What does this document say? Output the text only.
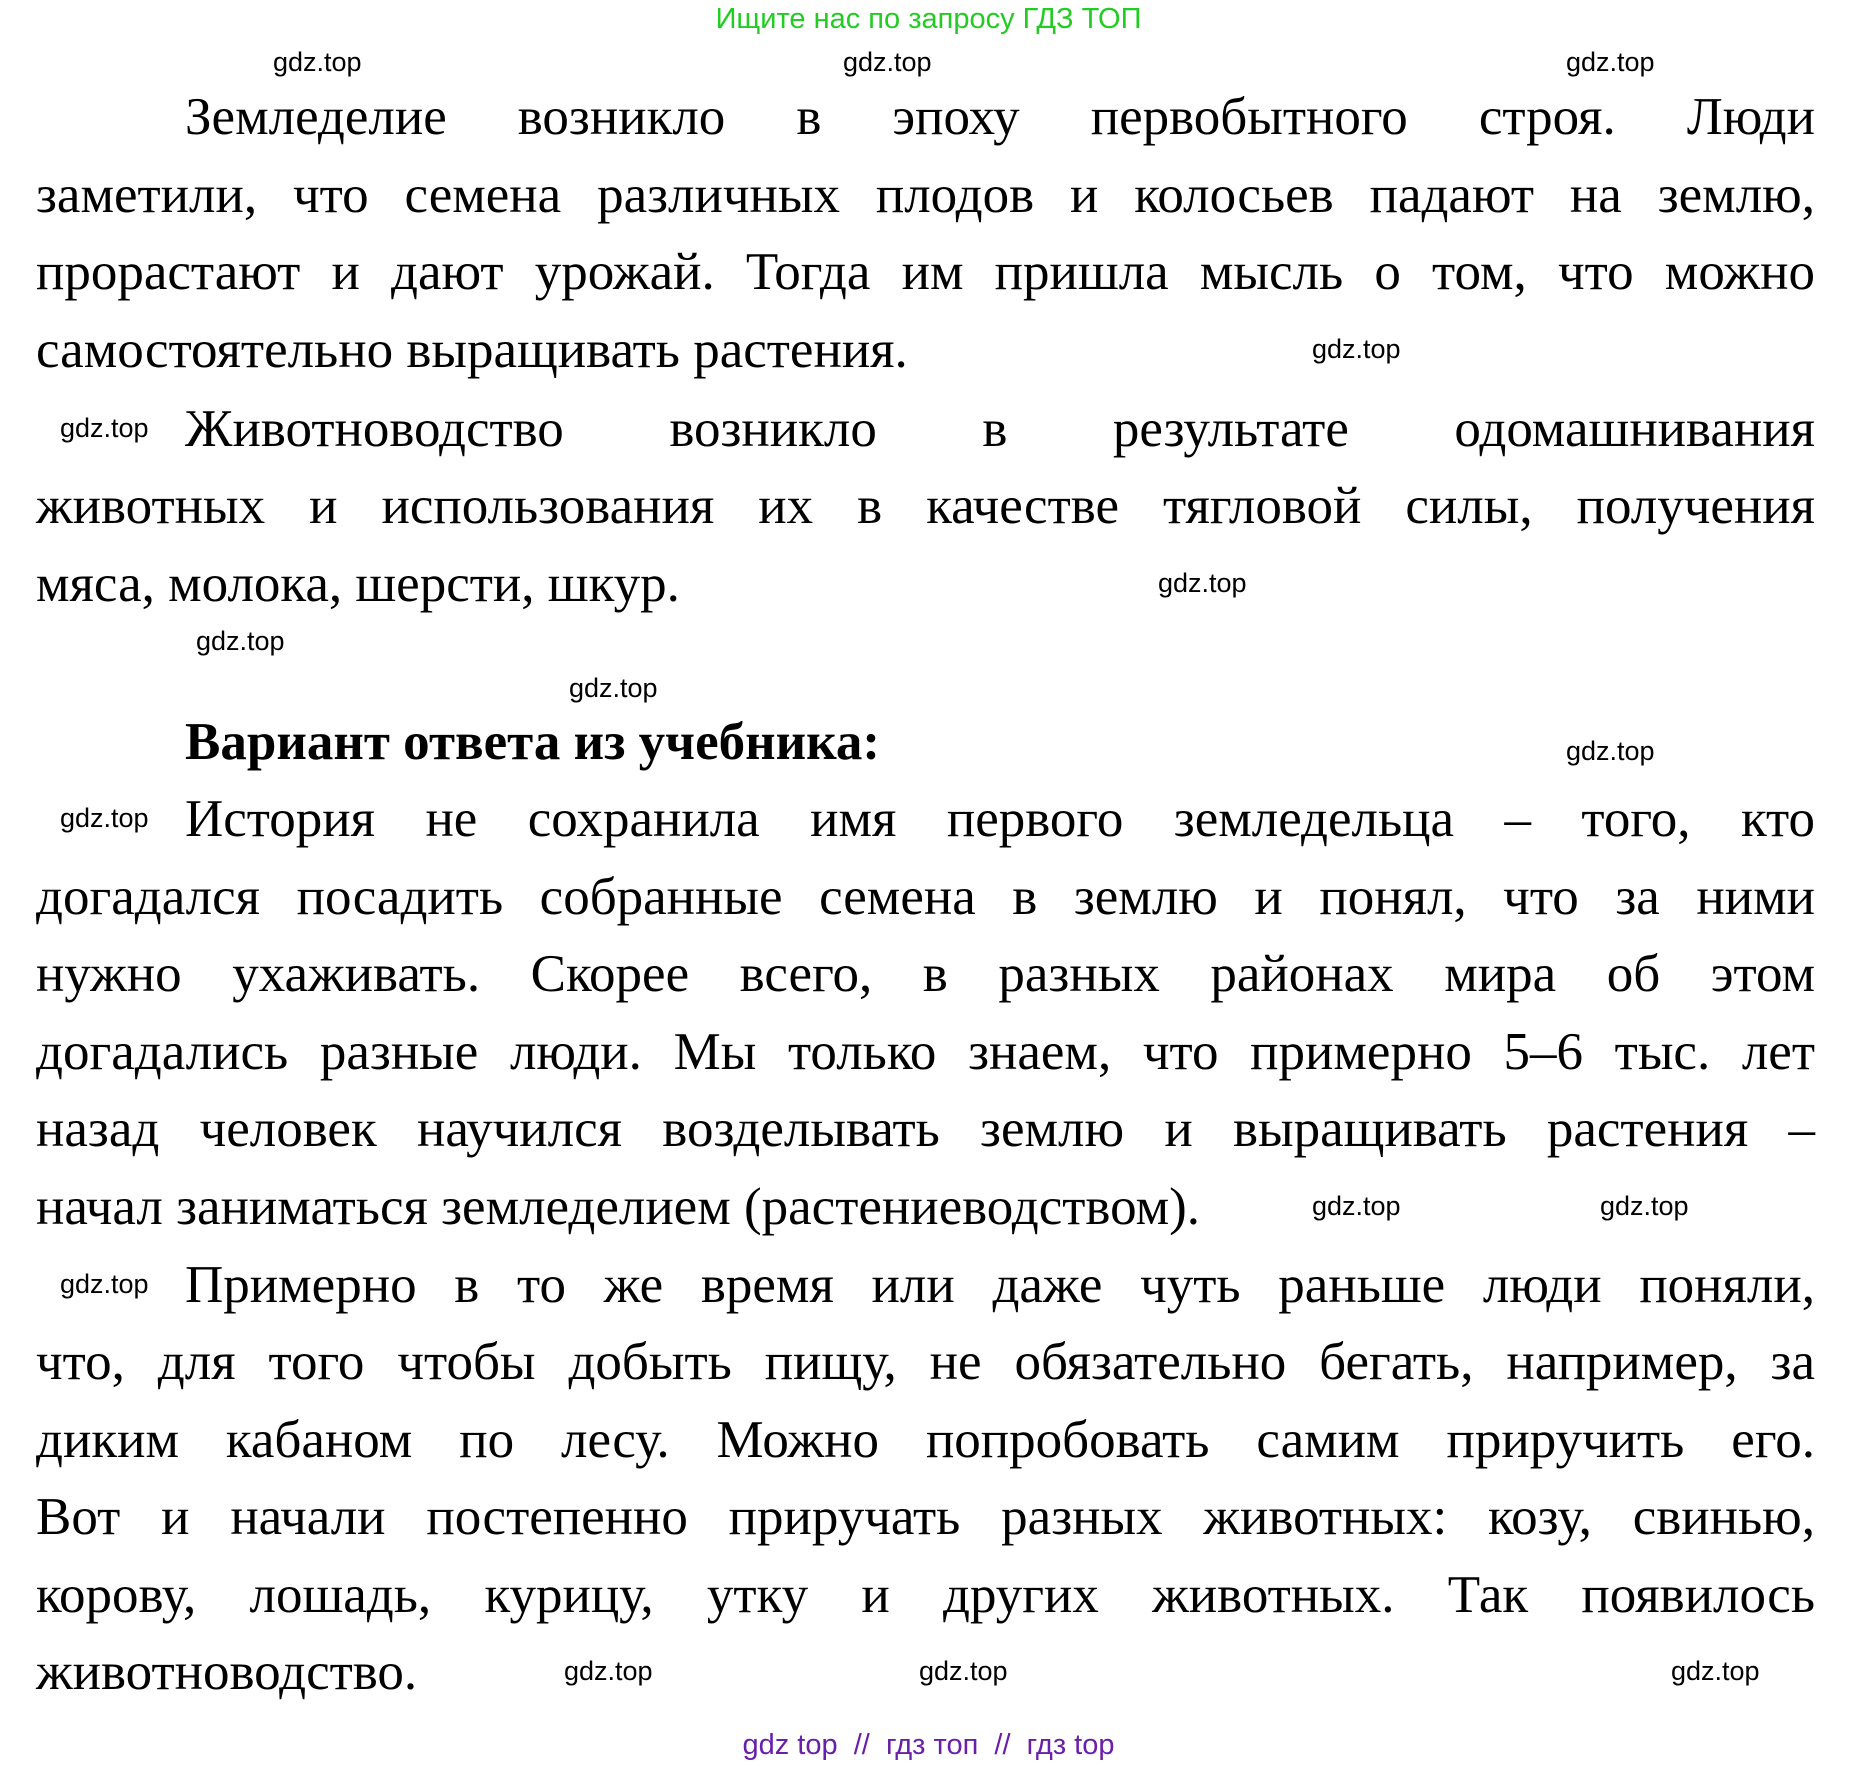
Ищите нас по запросу ГДЗ ТОП
Земледелие возникло в эпоху первобытного строя. Люди
заметили, что семена различных плодов и колосьев падают на землю,
прорастают и дают урожай. Тогда им пришла мысль о том, что можно
самостоятельно выращивать растения.
Животноводство возникло в результате одомашнивания
животных и использования их в качестве тягловой силы, получения
мяса, молока, шерсти, шкур.
История не сохранила имя первого земледельца – того, кто
догадался посадить собранные семена в землю и понял, что за ними
нужно ухаживать. Скорее всего, в разных районах мира об этом
догадались разные люди. Мы только знаем, что примерно 5–6 тыс. лет
назад человек научился возделывать землю и выращивать растения –
начал заниматься земледелием (растениеводством).
Примерно в то же время или даже чуть раньше люди поняли,
что, для того чтобы добыть пищу, не обязательно бегать, например, за
диким кабаном по лесу. Можно попробовать самим приручить его.
Вот и начали постепенно приручать разных животных: козу, свинью,
корову, лошадь, курицу, утку и других животных. Так появилось
животноводство.
Вариант ответа из учебника:
gdz.top	gdz.top	gdz.top
gdz.top
gdz.top
gdz.top
gdz.top
gdz.top
gdz.top	gdz.top
gdz.top
gdz.top
gdz.top
gdz.top
gdz.top
gdz.top
gdz top  //  гдз топ  //  гдз top
